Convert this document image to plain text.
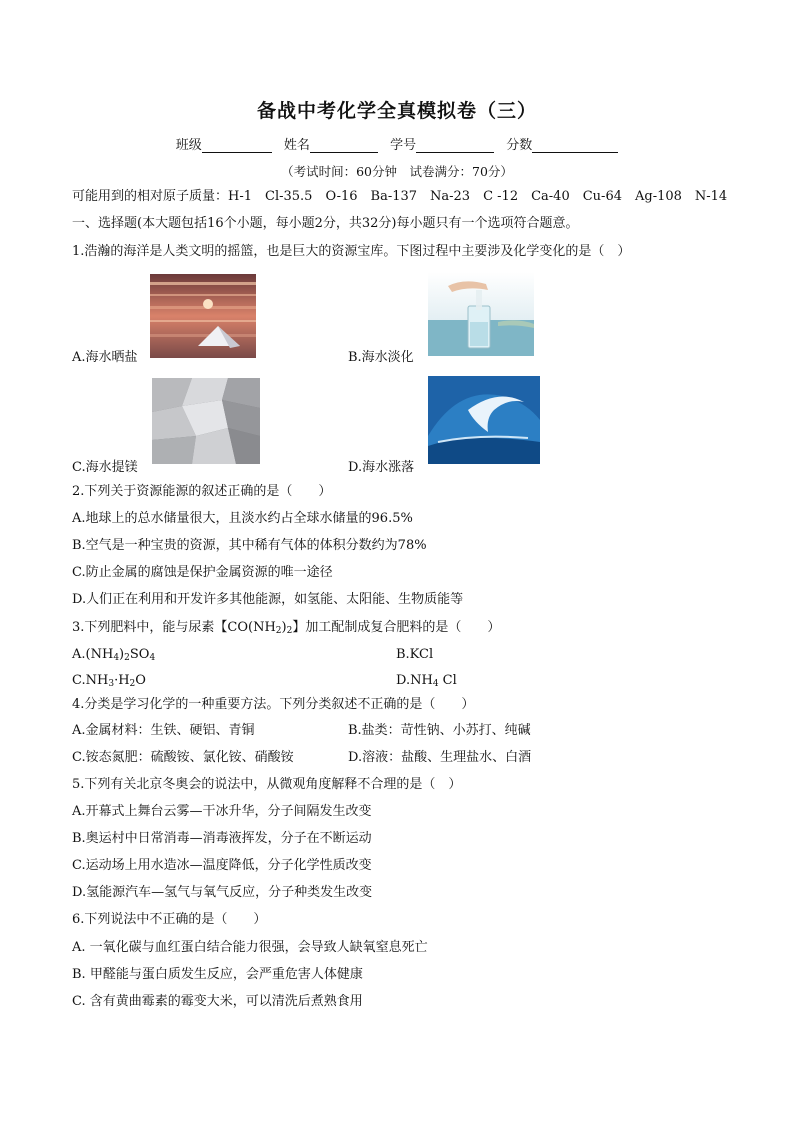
备战中考化学全真模拟卷（三）
班级	姓名	学号	分数
（考试时间：60分钟　试卷满分：70分）
可能用到的相对原子质量：H-1　Cl-35.5　O-16　Ba-137　Na-23　C -12　Ca-40　Cu-64　Ag-108　N-14
一、选择题(本大题包括16个小题，每小题2分，共32分)每小题只有一个选项符合题意。
1.浩瀚的海洋是人类文明的摇篮，也是巨大的资源宝库。下图过程中主要涉及化学变化的是（　）
A.海水晒盐	B.海水淡化
C.海水提镁	D.海水涨落
2.下列关于资源能源的叙述正确的是（　　）
A.地球上的总水储量很大，且淡水约占全球水储量的96.5%
B.空气是一种宝贵的资源，其中稀有气体的体积分数约为78%
C.防止金属的腐蚀是保护金属资源的唯一途径
D.人们正在利用和开发许多其他能源，如氢能、太阳能、生物质能等
3.下列肥料中，能与尿素【$CO(NH_2)_2$】加工配制成复合肥料的是（　　）
$A.(NH_4)_2SO_4$	B.KCl
$C.NH_3\cdot H_2O$	$D.NH_4$ Cl
4.分类是学习化学的一种重要方法。下列分类叙述不正确的是（　　）
A.金属材料：生铁、硬铝、青铜	B.盐类：苛性钠、小苏打、纯碱
C.铵态氮肥：硫酸铵、氯化铵、硝酸铵	D.溶液：盐酸、生理盐水、白酒
5.下列有关北京冬奥会的说法中，从微观角度解释不合理的是（　）
A.开幕式上舞台云雾—干冰升华，分子间隔发生改变
B.奥运村中日常消毒—消毒液挥发，分子在不断运动
C.运动场上用水造冰—温度降低，分子化学性质改变
D.氢能源汽车—氢气与氧气反应，分子种类发生改变
6.下列说法中不正确的是（　　）
A. 一氧化碳与血红蛋白结合能力很强，会导致人缺氧窒息死亡
B. 甲醛能与蛋白质发生反应，会严重危害人体健康
C. 含有黄曲霉素的霉变大米，可以清洗后煮熟食用
